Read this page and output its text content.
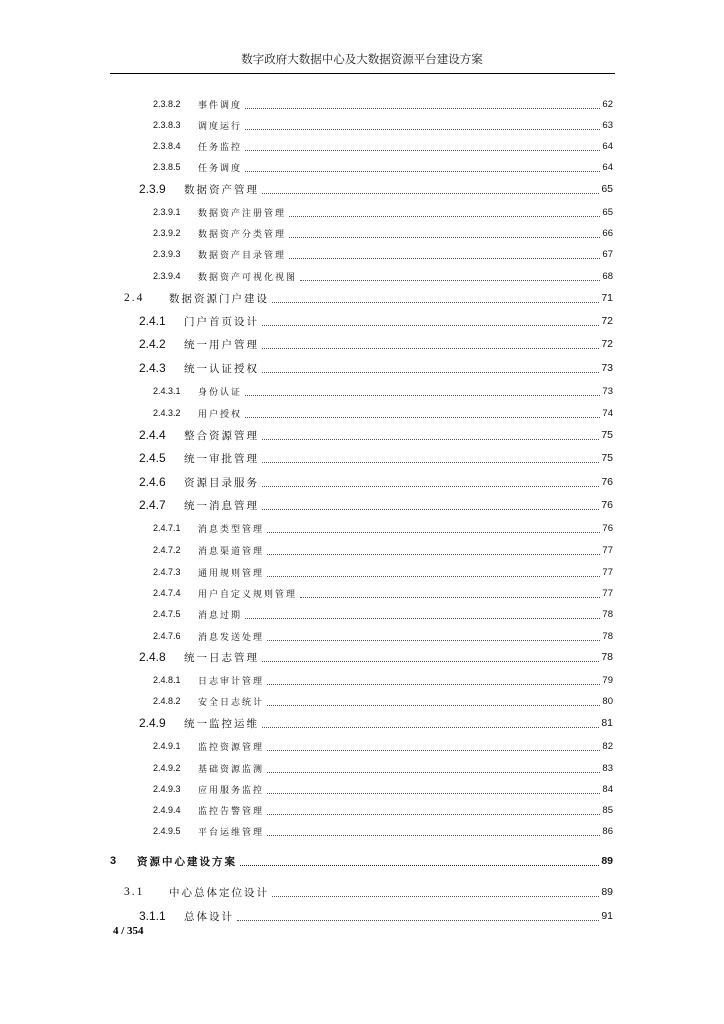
数字政府大数据中心及大数据资源平台建设方案
2.3.8.2	事件调度	62
2.3.8.3	调度运行	63
2.3.8.4	任务监控	64
2.3.8.5	任务调度	64
2.3.9	数据资产管理	65
2.3.9.1	数据资产注册管理	65
2.3.9.2	数据资产分类管理	66
2.3.9.3	数据资产目录管理	67
2.3.9.4	数据资产可视化视图	68
2.4	数据资源门户建设	71
2.4.1	门户首页设计	72
2.4.2	统一用户管理	72
2.4.3	统一认证授权	73
2.4.3.1	身份认证	73
2.4.3.2	用户授权	74
2.4.4	整合资源管理	75
2.4.5	统一审批管理	75
2.4.6	资源目录服务	76
2.4.7	统一消息管理	76
2.4.7.1	消息类型管理	76
2.4.7.2	消息渠道管理	77
2.4.7.3	通用规则管理	77
2.4.7.4	用户自定义规则管理	77
2.4.7.5	消息过期	78
2.4.7.6	消息发送处理	78
2.4.8	统一日志管理	78
2.4.8.1	日志审计管理	79
2.4.8.2	安全日志统计	80
2.4.9	统一监控运维	81
2.4.9.1	监控资源管理	82
2.4.9.2	基础资源监测	83
2.4.9.3	应用服务监控	84
2.4.9.4	监控告警管理	85
2.4.9.5	平台运维管理	86
3	资源中心建设方案	89
3.1	中心总体定位设计	89
3.1.1	总体设计	91
4 / 354
